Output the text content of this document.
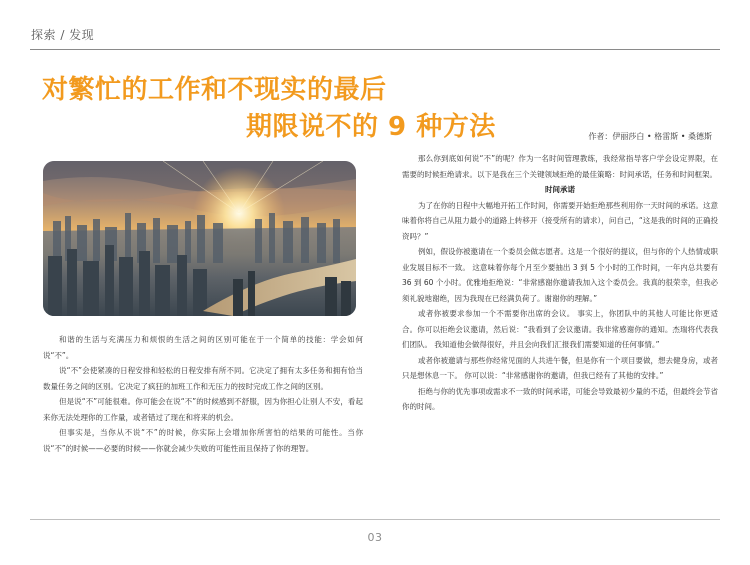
探索 / 发现
对繁忙的工作和不现实的最后
期限说不的 9 种方法	作者：伊丽莎白 • 格雷斯 • 桑德斯

和谐的生活与充满压力和烦恨的生活之间的区别可能在于一个简单的技能：学会如何说“不”。

说“不”会使紧凑的日程安排和轻松的日程安排有所不同。它决定了拥有太多任务和拥有恰当数量任务之间的区别。它决定了疯狂的加班工作和无压力的按时完成工作之间的区别。

但是说“不”可能很难。你可能会在说“不”的时候感到不舒服，因为你担心让别人不安，看起来你无法处理你的工作量，或者错过了现在和将来的机会。

但事实是，当你从不说“不”的时候，你实际上会增加你所害怕的结果的可能性。当你说“不”的时候——必要的时候——你就会减少失败的可能性而且保持了你的理智。

那么你到底如何说“不”的呢？作为一名时间管理教练，我经常指导客户学会设定界限，在需要的时候拒绝请求。以下是我在三个关键领域拒绝的最佳策略：时间承诺，任务和时间框架。

时间承诺

为了在你的日程中大幅地开拓工作时间，你需要开始拒绝那些利用你一天时间的承诺。这意味着你将自己从阻力最小的道路上转移开（接受所有的请求），问自己，“这是我的时间的正确投资吗？”

例如，假设你被邀请在一个委员会做志愿者。这是一个很好的提议，但与你的个人热情或职业发展目标不一致。 这意味着你每个月至少要抽出 3 到 5 个小时的工作时间，一年内总共要有 36 到 60 个小时。优雅地拒绝说：“非常感谢你邀请我加入这个委员会。我真的很荣幸，但我必须礼貌地谢绝，因为我现在已经满负荷了。谢谢你的理解。”

或者你被要求参加一个不需要你出席的会议。 事实上，你团队中的其他人可能比你更适合。你可以拒绝会议邀请，然后说：“我看到了会议邀请。我非常感谢你的通知。杰瑞将代表我们团队。 我知道他会做得很好，并且会向我们汇报我们需要知道的任何事情。”

或者你被邀请与那些你经常见面的人共进午餐，但是你有一个项目要做，想去健身房，或者只是想休息一下。 你可以说：“非常感谢你的邀请，但我已经有了其他的安排。”

拒绝与你的优先事项或需求不一致的时间承诺，可能会导致最初少量的不适，但最终会节省你的时间。

03
